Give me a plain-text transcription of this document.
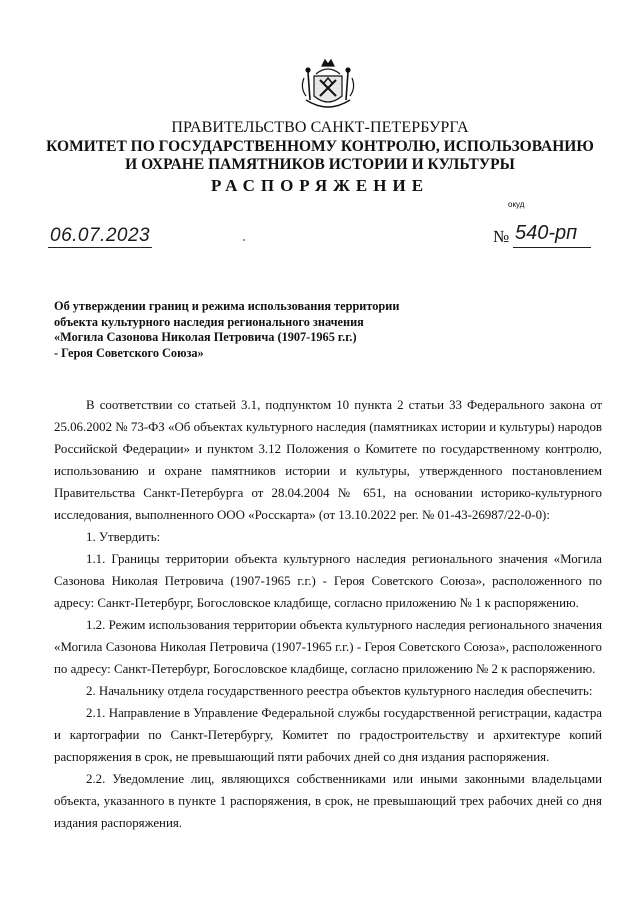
ПРАВИТЕЛЬСТВО САНКТ-ПЕТЕРБУРГА
КОМИТЕТ ПО ГОСУДАРСТВЕННОМУ КОНТРОЛЮ, ИСПОЛЬЗОВАНИЮ
И ОХРАНЕ ПАМЯТНИКОВ ИСТОРИИ И КУЛЬТУРЫ
РАСПОРЯЖЕНИЕ
окуд
06.07.2023	№ 540-рп
Об утверждении границ и режима использования территории
объекта культурного наследия регионального значения
«Могила Сазонова Николая Петровича (1907-1965 г.г.)
- Героя Советского Союза»

В соответствии со статьей 3.1, подпунктом 10 пункта 2 статьи 33 Федерального закона от 25.06.2002 № 73-ФЗ «Об объектах культурного наследия (памятниках истории и культуры) народов Российской Федерации» и пунктом 3.12 Положения о Комитете по государственному контролю, использованию и охране памятников истории и культуры, утвержденного постановлением Правительства Санкт-Петербурга от 28.04.2004 № 651, на основании историко-культурного исследования, выполненного ООО «Росскарта» (от 13.10.2022 рег. № 01-43-26987/22-0-0):

1. Утвердить:

1.1. Границы территории объекта культурного наследия регионального значения «Могила Сазонова Николая Петровича (1907-1965 г.г.) - Героя Советского Союза», расположенного по адресу: Санкт-Петербург, Богословское кладбище, согласно приложению № 1 к распоряжению.

1.2. Режим использования территории объекта культурного наследия регионального значения «Могила Сазонова Николая Петровича (1907-1965 г.г.) - Героя Советского Союза», расположенного по адресу: Санкт-Петербург, Богословское кладбище, согласно приложению № 2 к распоряжению.

2. Начальнику отдела государственного реестра объектов культурного наследия обеспечить:

2.1. Направление в Управление Федеральной службы государственной регистрации, кадастра и картографии по Санкт-Петербургу, Комитет по градостроительству и архитектуре копий распоряжения в срок, не превышающий пяти рабочих дней со дня издания распоряжения.

2.2. Уведомление лиц, являющихся собственниками или иными законными владельцами объекта, указанного в пункте 1 распоряжения, в срок, не превышающий трех рабочих дней со дня издания распоряжения.
